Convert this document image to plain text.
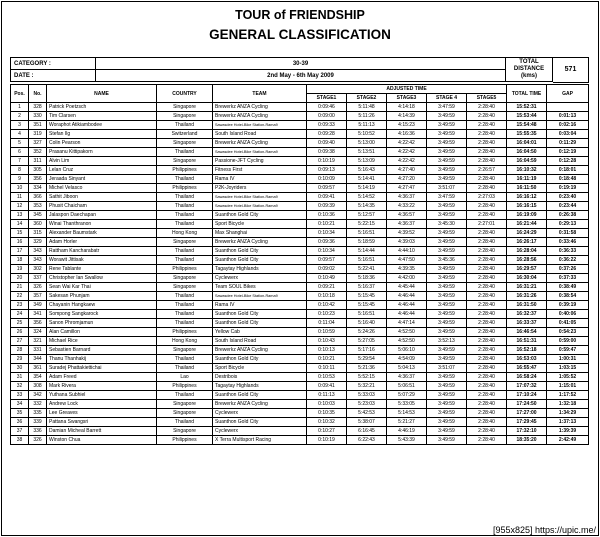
TOUR of FRIENDSHIP
GENERAL CLASSIFICATION
CATEGORY :	30-39	TOTAL DISTANCE (kms)
DATE :	2nd May - 6th May 2009	
571
Pos.	No.	NAME	COUNTRY	TEAM	ADJUSTED TIME					TOTAL TIME	GAP
					STAGE1	STAGE2	STAGE3	STAGE 4	STAGE5		
1	328	Patrick Poetzsch	Singapore	Brewerkz ANZA Cycling	0:09:46	5:11:48	4:14:18	3:47:59	2:28:40	15:52:31	
2	330	Tim Clarsen	Singapore	Brewerkz ANZA Cycling	0:09:00	5:11:26	4:14:39	3:49:59	2:28:40	15:53:44	0:01:13
3	351	Woraphot Atikiambodee	Thailand	Sawasdee Hotel-Bike Station-Rama9	0:09:33	5:11:13	4:15:23	3:49:59	2:28:40	15:54:48	0:02:16
4	319	Stefan Ilg	Switzerland	South Island Road	0:09:28	5:10:52	4:16:36	3:49:59	2:28:40	15:55:35	0:03:04
5	327	Colin Pearson	Singapore	Brewerkz ANZA Cycling	0:09:40	5:13:00	4:22:42	3:49:59	2:28:40	16:04:01	0:11:29
6	352	Prasanu Kittipakorn	Thailand	Sawasdee Hotel-Bike Station-Rama9	0:09:38	5:13:51	4:22:42	3:49:59	2:28:40	16:04:50	0:12:19
7	311	Alvin Lim	Singapore	Passione-JFT Cycling	0:10:19	5:13:09	4:22:42	3:49:59	2:28:40	16:04:59	0:12:28
8	305	Lelan Cruz	Philippines	Fitness First	0:09:13	5:16:43	4:27:40	3:49:59	2:26:57	16:10:32	0:18:01
9	356	Jeraada Sinyant	Thailand	Rama IV	0:10:09	5:14:41	4:27:20	3:49:59	2:28:40	16:11:19	0:18:48
10	334	Michel Velasco	Philippines	P2K-Joyriders	0:09:57	5:14:19	4:27:47	3:51:07	2:28:40	16:11:50	0:19:19
11	366	Sathit Jiboon	Thailand	Sawasdee Hotel-Bike Station-Rama9	0:09:41	5:14:52	4:36:37	3:47:59	2:27:03	16:16:12	0:23:40
12	353	Phusit Chaicham	Thailand	Sawasdee Hotel-Bike Station-Rama9	0:09:39	5:14:35	4:33:22	3:49:59	2:28:40	16:16:15	0:23:44
13	345	Jalaspon Daechapan	Thailand	Suanthon Gold City	0:10:36	5:12:57	4:36:57	3:49:59	2:28:40	16:19:09	0:26:38
14	360	Winai Thanthranon	Thailand	Sport Bicycle	0:10:21	5:22:15	4:36:37	3:45:30	2:27:01	16:21:44	0:29:13
15	315	Alexander Baumstark	Hong Kong	Max Shanghai	0:10:34	5:16:51	4:39:52	3:49:59	2:28:40	16:24:29	0:31:58
16	329	Adam Horler	Singapore	Brewerkz ANZA Cycling	0:09:36	5:18:59	4:39:03	3:49:59	2:28:40	16:26:17	0:33:46
17	343	Rattham Kancharabatr	Thailand	Suanthon Gold City	0:10:34	5:14:44	4:44:10	3:49:59	2:28:40	16:28:04	0:36:33
18	343	Worawit Jittisak	Thailand	Suanthon Gold City	0:09:57	5:16:51	4:47:50	3:45:36	2:28:40	16:28:56	0:36:22
19	302	Rene Tablante	Philippines	Tagaytay Highlands	0:09:02	5:22:41	4:39:35	3:49:59	2:28:40	16:29:57	0:37:26
20	337	Christopher Ian Swallow	Singapore	Cyclewerx	0:10:49	5:18:36	4:42:00	3:49:59	2:28:40	16:30:04	0:37:33
21	326	Sean Wai Kar Thai	Singapore	Team SOUL Bikes	0:09:21	5:16:37	4:45:44	3:49:59	2:28:40	16:31:21	0:38:49
22	357	Sakesan Phunjam	Thailand	Sawasdee Hotel-Bike Station-Rama9	0:10:18	5:15:45	4:46:44	3:49:59	2:28:40	16:31:26	0:38:54
23	349	Chayanin Hangkaew	Thailand	Rama IV	0:10:42	5:15:45	4:46:44	3:49:59	2:28:40	16:31:50	0:39:19
24	341	Sompong Sangkarock	Thailand	Suanthon Gold City	0:10:23	5:16:51	4:46:44	3:49:59	2:28:40	16:32:37	0:40:06
25	356	Sanon Phromjamun	Thailand	Suanthon Gold City	0:11:04	5:16:40	4:47:14	3:49:59	2:28:40	16:33:37	0:41:05
26	324	Alan Camillon	Philippines	Yellow Cab	0:10:59	5:24:26	4:52:50	3:49:59	2:28:40	16:46:54	0:54:23
27	321	Michael Rice	Hong Kong	South Island Road	0:10:43	5:27:05	4:52:50	3:52:13	2:28:40	16:51:31	0:59:00
28	331	Sebastien Barnard	Singapore	Brewerkz ANZA Cycling	0:10:13	5:17:16	5:06:10	3:49:59	2:28:40	16:52:18	0:59:47
29	344	Thanu Thanhakij	Thailand	Suanthon Gold City	0:10:21	5:29:54	4:54:09	3:49:59	2:28:40	16:53:03	1:00:31
30	361	Suradej Phattakiettichai	Thailand	Sport Bicycle	0:10:11	5:21:36	5:04:13	3:51:07	2:28:40	16:55:47	1:03:15
31	354	Adam Freed	Lao	Destribois	0:10:53	5:52:15	4:36:37	3:49:59	2:28:40	16:58:24	1:05:52
32	308	Mark Rivera	Philippines	Tagaytay Highlands	0:09:41	5:32:21	5:06:51	3:49:59	2:28:40	17:07:32	1:15:01
33	342	Yuthana Subhiel	Thailand	Suanthon Gold City	0:11:13	5:33:03	5:07:29	3:49:59	2:28:40	17:10:24	1:17:52
34	332	Andrew Lock	Singapore	Brewerkz ANZA Cycling	0:10:03	5:23:03	5:33:05	3:49:59	2:28:40	17:24:50	1:32:18
35	335	Lee Greaves	Singapore	Cyclewerx	0:10:35	5:42:53	5:14:53	3:49:59	2:28:40	17:27:00	1:34:29
36	339	Pattana Swangsri	Thailand	Suanthon Gold City	0:10:32	5:38:07	5:21:27	3:49:59	2:28:40	17:29:45	1:37:13
37	336	Damian Micheal Barrett	Singapore	Cyclewerx	0:10:27	6:16:45	4:46:19	3:49:59	2:28:40	17:32:10	1:39:39
38	326	Winston Chua	Philippines	X Terra Multisport Racing	0:10:19	6:22:43	5:43:39	3:49:59	2:28:40	18:35:20	2:42:49
[955x825] https://upic.me/
